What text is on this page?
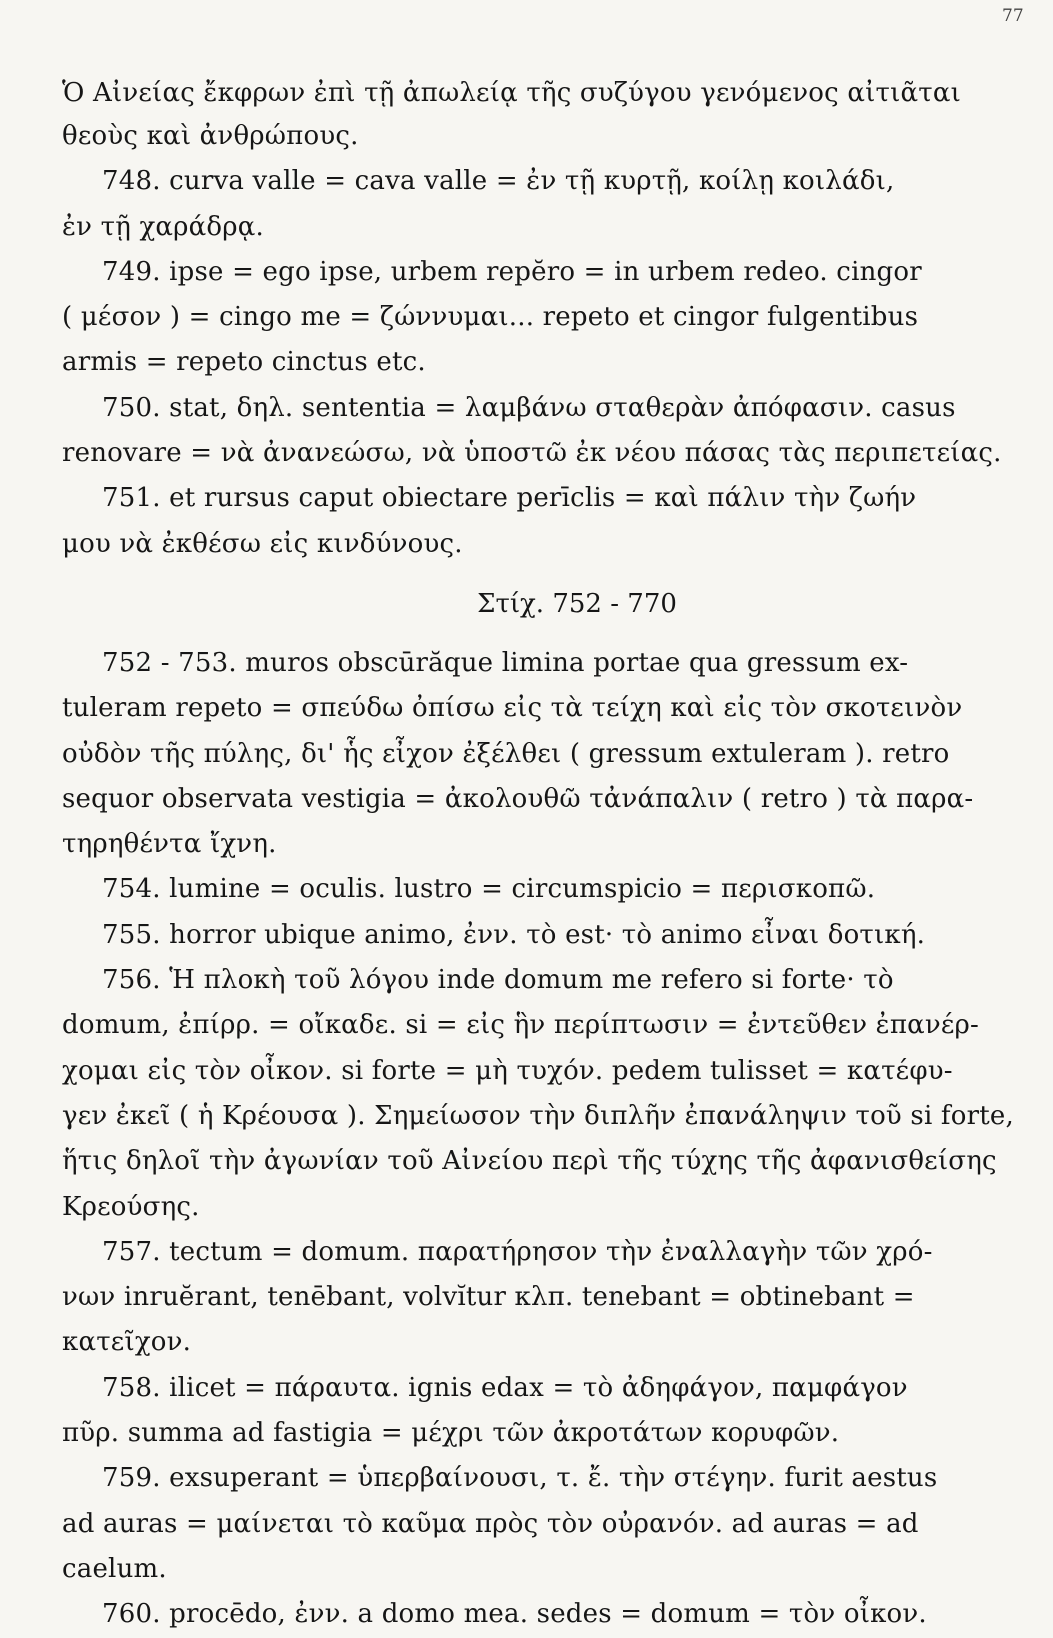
77
Ὁ Αἰνείας ἔκφρων ἐπὶ τῇ ἀπωλείᾳ τῆς συζύγου γενόμενος αἰτιᾶται
θεοὺς καὶ ἀνθρώπους.
748. curva valle = cava valle = ἐν τῇ κυρτῇ, κοίλῃ κοιλάδι,
ἐν τῇ χαράδρᾳ.
749. ipse = ego ipse, urbem repĕro = in urbem redeo. cingor
( μέσον ) = cingo me = ζώννυμαι... repeto et cingor fulgentibus
armis = repeto cinctus etc.
750. stat, δηλ. sententia = λαμβάνω σταθερὰν ἀπόφασιν. casus
renovare = νὰ ἀνανεώσω, νὰ ὑποστῶ ἐκ νέου πάσας τὰς περιπετείας.
751. et rursus caput obiectare perīclis = καὶ πάλιν τὴν ζωήν
μου νὰ ἐκθέσω εἰς κινδύνους.
Στίχ. 752 - 770
752 - 753. muros obscūrăque limina portae qua gressum ex-
tuleram repeto = σπεύδω ὀπίσω εἰς τὰ τείχη καὶ εἰς τὸν σκοτεινὸν
οὐδὸν τῆς πύλης, δι' ἧς εἶχον ἐξέλθει ( gressum extuleram ). retro
sequor observata vestigia = ἀκολουθῶ τἀνάπαλιν ( retro ) τὰ παρα-
τηρηθέντα ἴχνη.
754. lumine = oculis. lustro = circumspicio = περισκοπῶ.
755. horror ubique animo, ἐνν. τὸ est· τὸ animo εἶναι δοτική.
756. Ἡ πλοκὴ τοῦ λόγου inde domum me refero si forte· τὸ
domum, ἐπίρρ. = οἴκαδε. si = εἰς ἣν περίπτωσιν = ἐντεῦθεν ἐπανέρ-
χομαι εἰς τὸν οἶκον. si forte = μὴ τυχόν. pedem tulisset = κατέφυ-
γεν ἐκεῖ ( ἡ Κρέουσα ). Σημείωσον τὴν διπλῆν ἐπανάληψιν τοῦ si forte,
ἥτις δηλοῖ τὴν ἀγωνίαν τοῦ Αἰνείου περὶ τῆς τύχης τῆς ἀφανισθείσης
Κρεούσης.
757. tectum = domum. παρατήρησον τὴν ἐναλλαγὴν τῶν χρό-
νων inruĕrant, tenēbant, volvĭtur κλπ. tenebant = obtinebant =
κατεῖχον.
758. ilicet = πάραυτα. ignis edax = τὸ ἀδηφάγον, παμφάγον
πῦρ. summa ad fastigia = μέχρι τῶν ἀκροτάτων κορυφῶν.
759. exsuperant = ὑπερβαίνουσι, τ. ἔ. τὴν στέγην. furit aestus
ad auras = μαίνεται τὸ καῦμα πρὸς τὸν οὐρανόν. ad auras = ad
caelum.
760. procēdo, ἐνν. a domo mea. sedes = domum = τὸν οἶκον.
